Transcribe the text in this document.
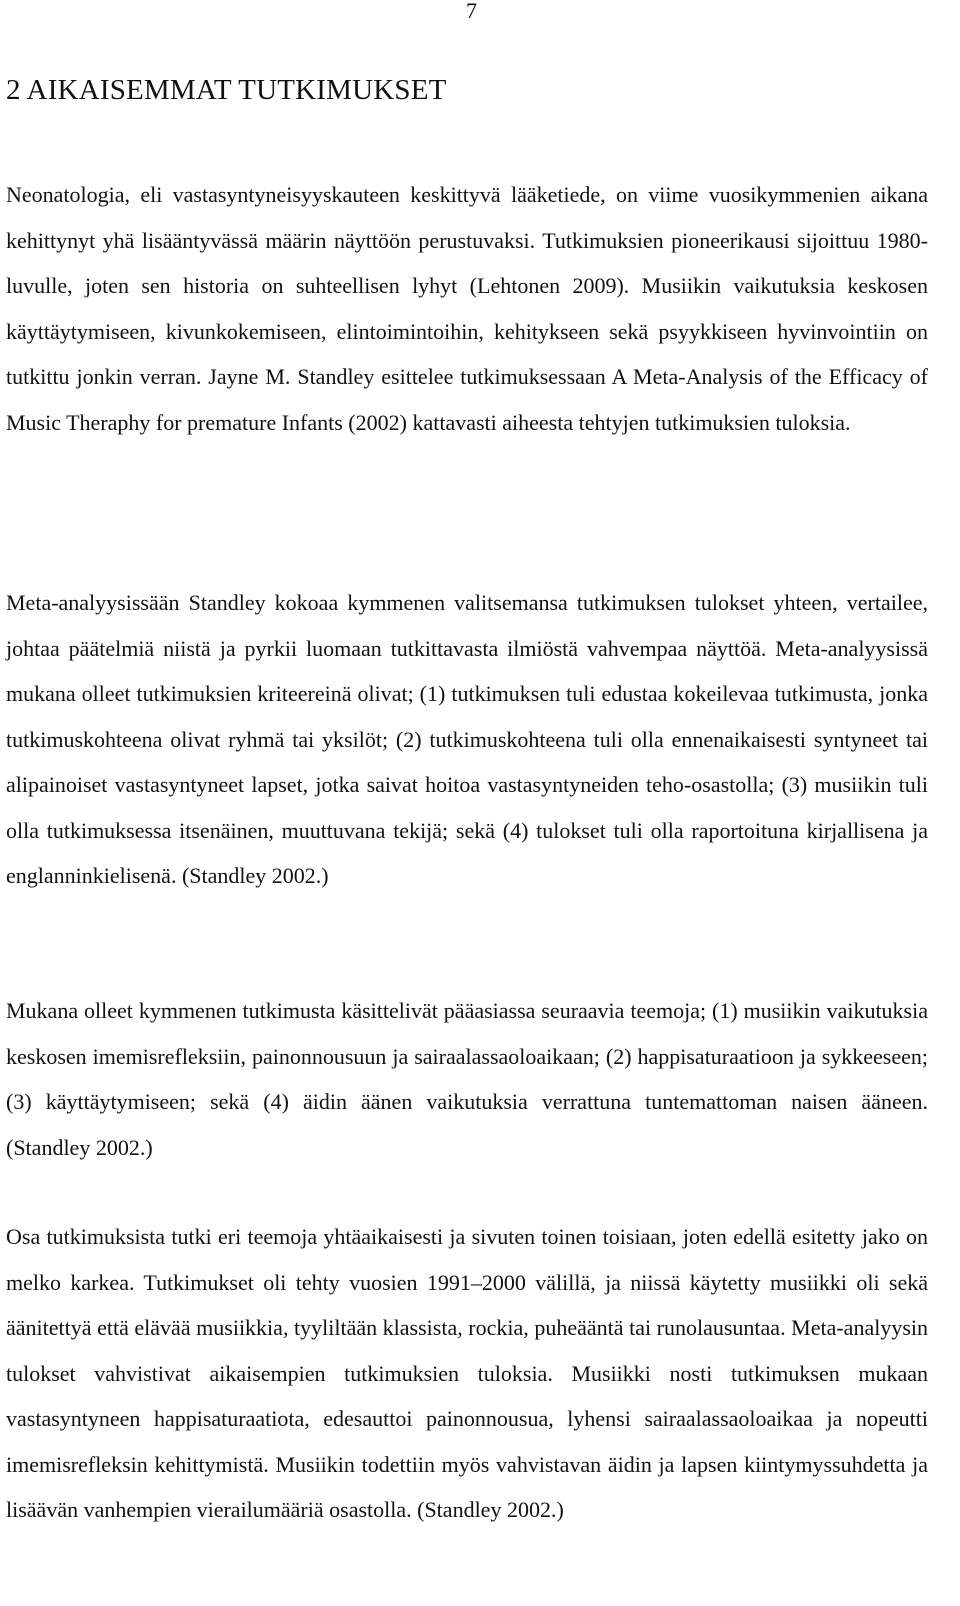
7
2 AIKAISEMMAT TUTKIMUKSET

Neonatologia, eli vastasyntyneisyyskauteen keskittyvä lääketiede, on viime vuosikymmenien aikana kehittynyt yhä lisääntyvässä määrin näyttöön perustuvaksi. Tutkimuksien pioneerikausi sijoittuu 1980- luvulle, joten sen historia on suhteellisen lyhyt (Lehtonen 2009). Musiikin vaikutuksia keskosen käyttäytymiseen, kivunkokemiseen, elintoimintoihin, kehitykseen sekä psyykkiseen hyvinvointiin on tutkittu jonkin verran. Jayne M. Standley esittelee tutkimuksessaan A Meta-Analysis of the Efficacy of Music Theraphy for premature Infants (2002) kattavasti aiheesta tehtyjen tutkimuksien tuloksia.

Meta-analyysissään Standley kokoaa kymmenen valitsemansa tutkimuksen tulokset yhteen, vertailee, johtaa päätelmiä niistä ja pyrkii luomaan tutkittavasta ilmiöstä vahvempaa näyttöä. Meta-analyysissä mukana olleet tutkimuksien kriteereinä olivat; (1) tutkimuksen tuli edustaa kokeilevaa tutkimusta, jonka tutkimuskohteena olivat ryhmä tai yksilöt; (2) tutkimuskohteena tuli olla ennenaikaisesti syntyneet tai alipainoiset vastasyntyneet lapset, jotka saivat hoitoa vastasyntyneiden teho-osastolla; (3) musiikin tuli olla tutkimuksessa itsenäinen, muuttuvana tekijä; sekä (4) tulokset tuli olla raportoituna kirjallisena ja englanninkielisenä. (Standley 2002.)

Mukana olleet kymmenen tutkimusta käsittelivät pääasiassa seuraavia teemoja; (1) musiikin vaikutuksia keskosen imemisrefleksiin, painonnousuun ja sairaalassaoloaikaan; (2) happisaturaatioon ja sykkeeseen; (3) käyttäytymiseen; sekä (4) äidin äänen vaikutuksia verrattuna tuntemattoman naisen ääneen. (Standley 2002.)

Osa tutkimuksista tutki eri teemoja yhtäaikaisesti ja sivuten toinen toisiaan, joten edellä esitetty jako on melko karkea. Tutkimukset oli tehty vuosien 1991–2000 välillä, ja niissä käytetty musiikki oli sekä äänitettyä että elävää musiikkia, tyyliltään klassista, rockia, puheääntä tai runolausuntaa. Meta-analyysin tulokset vahvistivat aikaisempien tutkimuksien tuloksia. Musiikki nosti tutkimuksen mukaan vastasyntyneen happisaturaatiota, edesauttoi painonnousua, lyhensi sairaalassaoloaikaa ja nopeutti imemisrefleksin kehittymistä. Musiikin todettiin myös vahvistavan äidin ja lapsen kiintymyssuhdetta ja lisäävän vanhempien vierailumääriä osastolla. (Standley 2002.)
